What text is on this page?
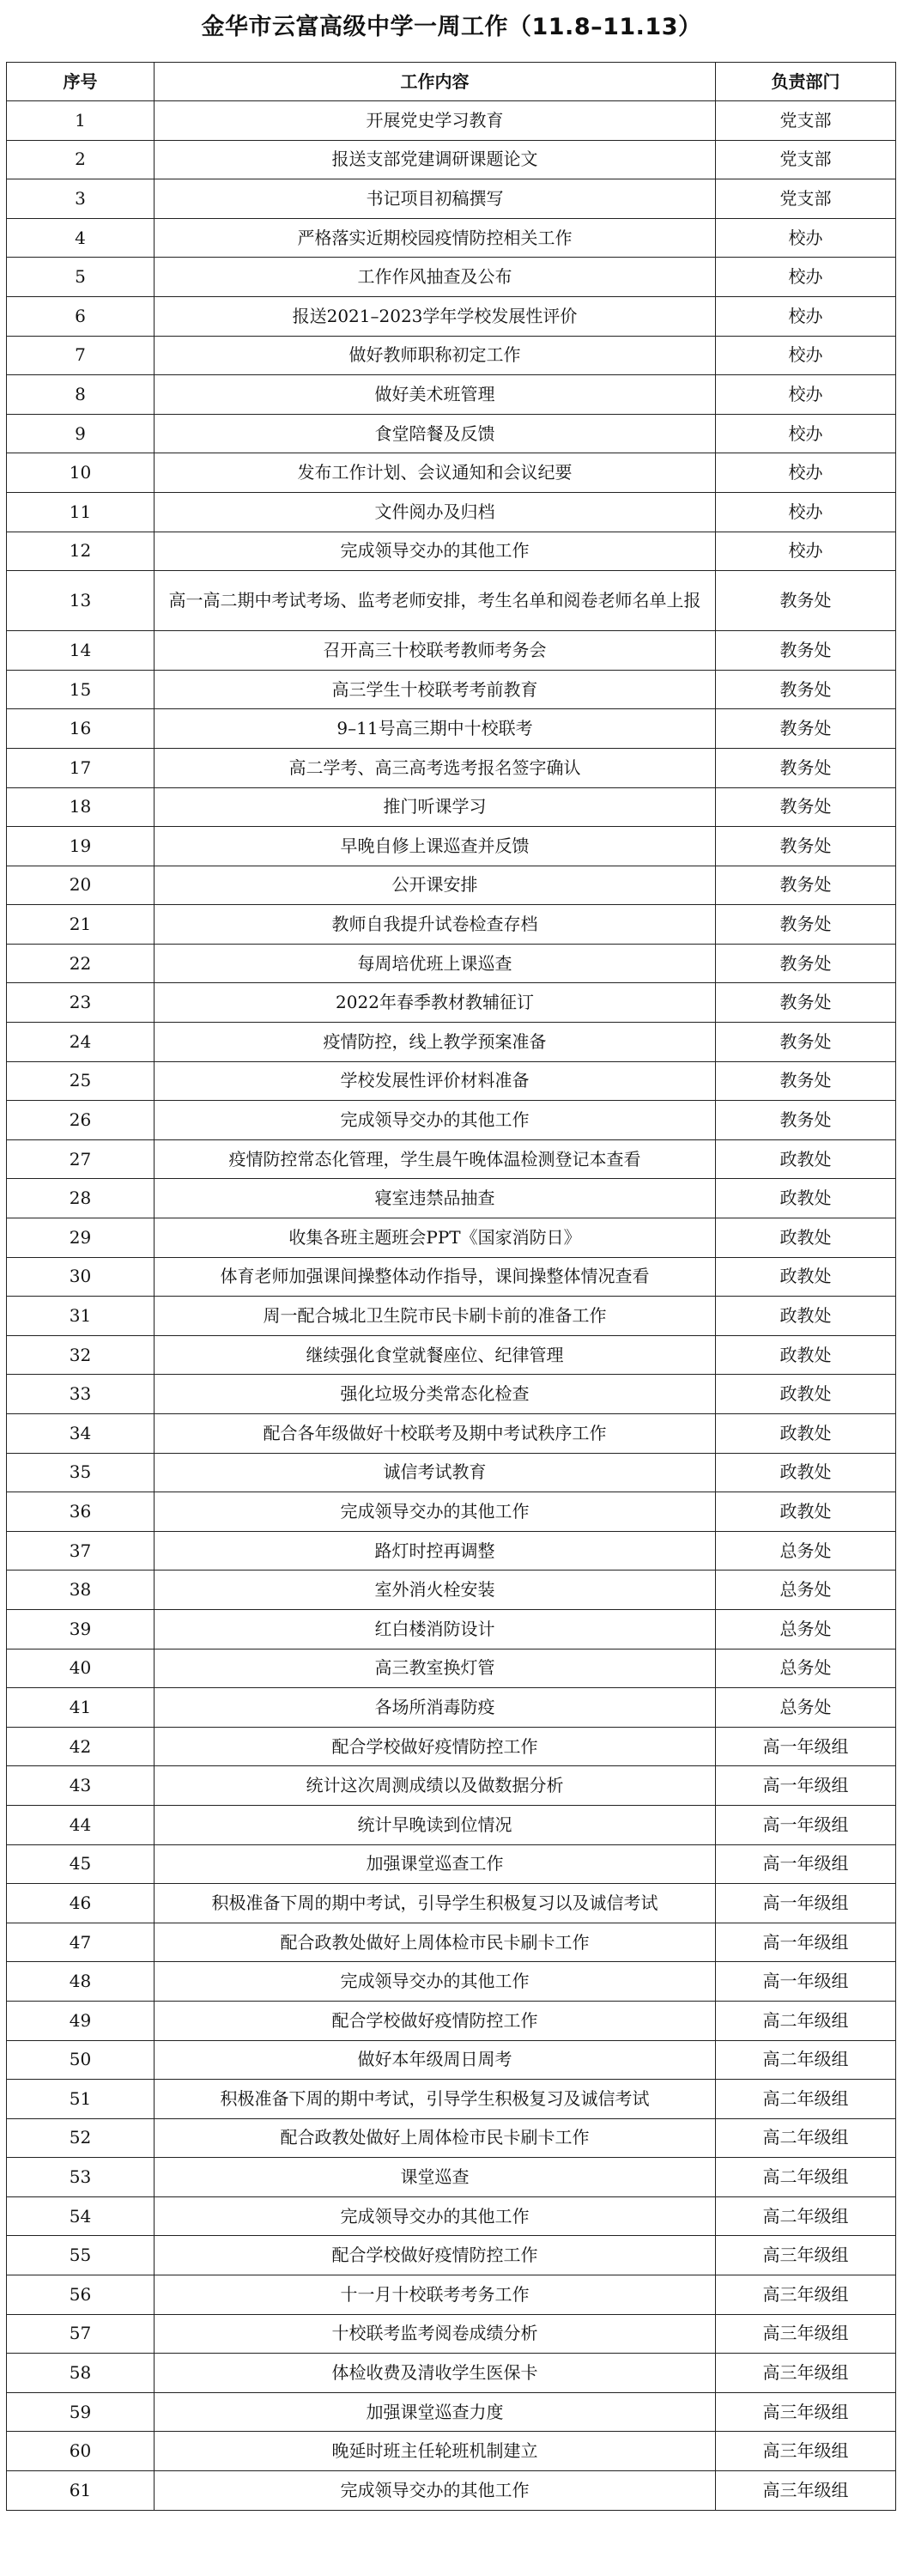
金华市云富高级中学一周工作（11.8–11.13）
序号	工作内容	负责部门
1	开展党史学习教育	党支部
2	报送支部党建调研课题论文	党支部
3	书记项目初稿撰写	党支部
4	严格落实近期校园疫情防控相关工作	校办
5	工作作风抽查及公布	校办
6	报送2021–2023学年学校发展性评价	校办
7	做好教师职称初定工作	校办
8	做好美术班管理	校办
9	食堂陪餐及反馈	校办
10	发布工作计划、会议通知和会议纪要	校办
11	文件阅办及归档	校办
12	完成领导交办的其他工作	校办
13	高一高二期中考试考场、监考老师安排，考生名单和阅卷老师名单上报	教务处
14	召开高三十校联考教师考务会	教务处
15	高三学生十校联考考前教育	教务处
16	9–11号高三期中十校联考	教务处
17	高二学考、高三高考选考报名签字确认	教务处
18	推门听课学习	教务处
19	早晚自修上课巡查并反馈	教务处
20	公开课安排	教务处
21	教师自我提升试卷检查存档	教务处
22	每周培优班上课巡查	教务处
23	2022年春季教材教辅征订	教务处
24	疫情防控，线上教学预案准备	教务处
25	学校发展性评价材料准备	教务处
26	完成领导交办的其他工作	教务处
27	疫情防控常态化管理，学生晨午晚体温检测登记本查看	政教处
28	寝室违禁品抽查	政教处
29	收集各班主题班会PPT《国家消防日》	政教处
30	体育老师加强课间操整体动作指导，课间操整体情况查看	政教处
31	周一配合城北卫生院市民卡刷卡前的准备工作	政教处
32	继续强化食堂就餐座位、纪律管理	政教处
33	强化垃圾分类常态化检查	政教处
34	配合各年级做好十校联考及期中考试秩序工作	政教处
35	诚信考试教育	政教处
36	完成领导交办的其他工作	政教处
37	路灯时控再调整	总务处
38	室外消火栓安装	总务处
39	红白楼消防设计	总务处
40	高三教室换灯管	总务处
41	各场所消毒防疫	总务处
42	配合学校做好疫情防控工作	高一年级组
43	统计这次周测成绩以及做数据分析	高一年级组
44	统计早晚读到位情况	高一年级组
45	加强课堂巡查工作	高一年级组
46	积极准备下周的期中考试，引导学生积极复习以及诚信考试	高一年级组
47	配合政教处做好上周体检市民卡刷卡工作	高一年级组
48	完成领导交办的其他工作	高一年级组
49	配合学校做好疫情防控工作	高二年级组
50	做好本年级周日周考	高二年级组
51	积极准备下周的期中考试，引导学生积极复习及诚信考试	高二年级组
52	配合政教处做好上周体检市民卡刷卡工作	高二年级组
53	课堂巡查	高二年级组
54	完成领导交办的其他工作	高二年级组
55	配合学校做好疫情防控工作	高三年级组
56	十一月十校联考考务工作	高三年级组
57	十校联考监考阅卷成绩分析	高三年级组
58	体检收费及清收学生医保卡	高三年级组
59	加强课堂巡查力度	高三年级组
60	晚延时班主任轮班机制建立	高三年级组
61	完成领导交办的其他工作	高三年级组
